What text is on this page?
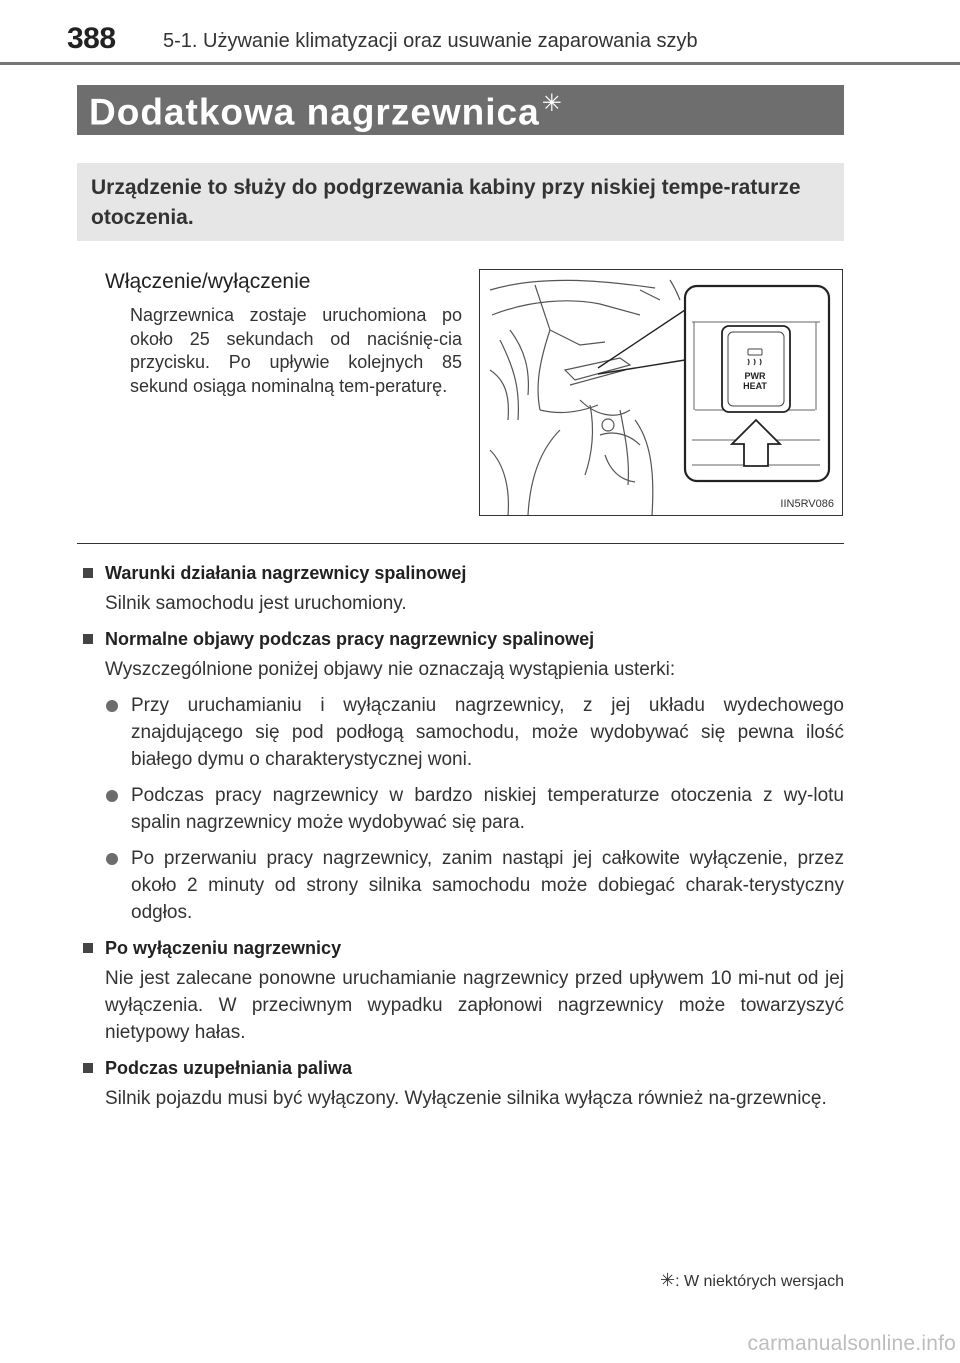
388 5-1. Używanie klimatyzacji oraz usuwanie zaparowania szyb
Dodatkowa nagrzewnica✳
Urządzenie to służy do podgrzewania kabiny przy niskiej tempe-raturze otoczenia.
Włączenie/wyłączenie
Nagrzewnica zostaje uruchomiona po około 25 sekundach od naciśnię-cia przycisku. Po upływie kolejnych 85 sekund osiąga nominalną tem-peraturę.	PWR
HEAT
IIN5RV086
Warunki działania nagrzewnicy spalinowej
Silnik samochodu jest uruchomiony.
Normalne objawy podczas pracy nagrzewnicy spalinowej
Wyszczególnione poniżej objawy nie oznaczają wystąpienia usterki:
Przy uruchamianiu i wyłączaniu nagrzewnicy, z jej układu wydechowego znajdującego się pod podłogą samochodu, może wydobywać się pewna ilość białego dymu o charakterystycznej woni.
Podczas pracy nagrzewnicy w bardzo niskiej temperaturze otoczenia z wy-lotu spalin nagrzewnicy może wydobywać się para.
Po przerwaniu pracy nagrzewnicy, zanim nastąpi jej całkowite wyłączenie, przez około 2 minuty od strony silnika samochodu może dobiegać charak-terystyczny odgłos.
Po wyłączeniu nagrzewnicy
Nie jest zalecane ponowne uruchamianie nagrzewnicy przed upływem 10 mi-nut od jej wyłączenia. W przeciwnym wypadku zapłonowi nagrzewnicy może towarzyszyć nietypowy hałas.
Podczas uzupełniania paliwa
Silnik pojazdu musi być wyłączony. Wyłączenie silnika wyłącza również na-grzewnicę.
✳: W niektórych wersjach
carmanualsonline.info
